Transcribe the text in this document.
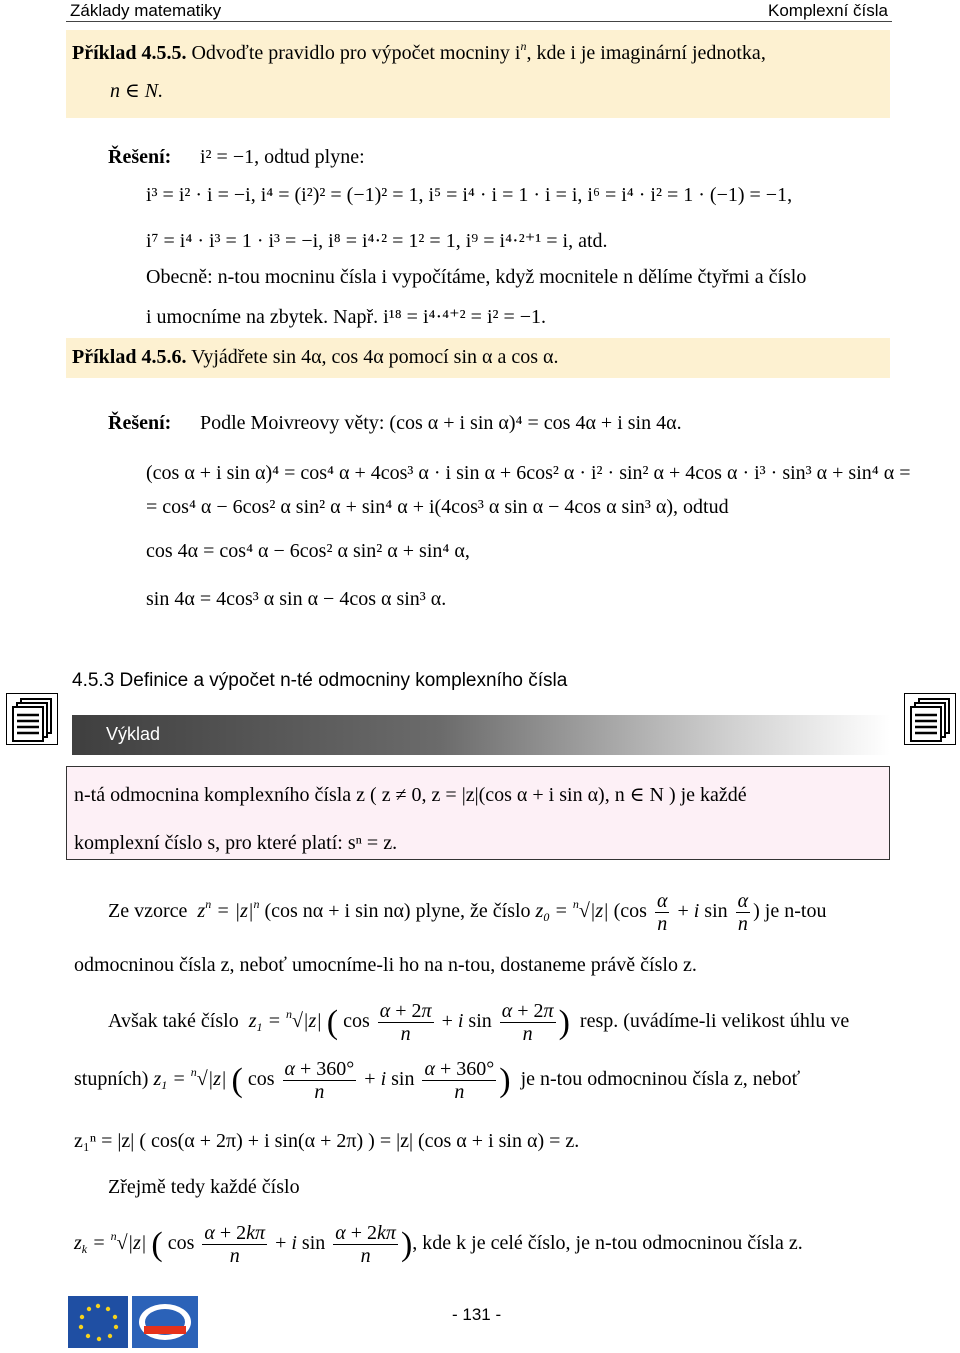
Základy matematiky	Komplexní čísla
Příklad 4.5.5. Odvoďte pravidlo pro výpočet mocniny $i^n$, kde i je imaginární jednotka,
n ∈ N.
Řešení: i² = −1, odtud plyne:
i³ = i² · i = −i, i⁴ = (i²)² = (−1)² = 1, i⁵ = i⁴ · i = 1 · i = i, i⁶ = i⁴ · i² = 1 · (−1) = −1,
i⁷ = i⁴ · i³ = 1 · i³ = −i, i⁸ = i⁴·² = 1² = 1, i⁹ = i⁴·²⁺¹ = i, atd.
Obecně: n-tou mocninu čísla i vypočítáme, když mocnitele n dělíme čtyřmi a číslo
i umocníme na zbytek. Např. i¹⁸ = i⁴·⁴⁺² = i² = −1.
Příklad 4.5.6. Vyjádřete sin 4α, cos 4α pomocí sin α a cos α.
Řešení: Podle Moivreovy věty: (cos α + i sin α)⁴ = cos 4α + i sin 4α.
(cos α + i sin α)⁴ = cos⁴ α + 4cos³ α · i sin α + 6cos² α · i² · sin² α + 4cos α · i³ · sin³ α + sin⁴ α =
= cos⁴ α − 6cos² α sin² α + sin⁴ α + i(4cos³ α sin α − 4cos α sin³ α), odtud
cos 4α = cos⁴ α − 6cos² α sin² α + sin⁴ α,
sin 4α = 4cos³ α sin α − 4cos α sin³ α.
4.5.3 Definice a výpočet n-té odmocniny komplexního čísla
Výklad
n-tá odmocnina komplexního čísla z ( z ≠ 0, z = |z|(cos α + i sin α), n ∈ N ) je každé
komplexní číslo s, pro které platí: sⁿ = z.
Ze vzorce  $z^n = |z|^n$ (cos nα + i sin nα) plyne, že číslo $z_0 = ^n√|z|$ ($\cos \frac{\alpha}{n} + i$ $\sin \frac{\alpha}{n}$ ) je n-tou
odmocninou čísla z, neboť umocníme-li ho na n-tou, dostaneme právě číslo z.
Avšak také číslo  $z_1 = ^n√|z|$ ( $\cos \frac{\alpha + 2\pi}{n} + i$ $\sin \frac{\alpha + 2\pi}{n}$ ) resp. (uvádíme-li velikost úhlu ve
stupních) $z_1 = ^n√|z|$ ( $\cos \frac{\alpha + 360^\circ}{n} + i$ $\sin \frac{\alpha + 360^\circ}{n}$ ) je n-tou odmocninou čísla z, neboť
z₁ⁿ = |z| ( cos(α + 2π) + i sin(α + 2π) ) = |z| (cos α + i sin α) = z.
Zřejmě tedy každé číslo
$z_k = ^n√|z|$ ( $\cos \frac{\alpha + 2k\pi}{n} + i$ $\sin \frac{\alpha + 2k\pi}{n}$ ), kde k je celé číslo, je n-tou odmocninou čísla z.
- 131 -
